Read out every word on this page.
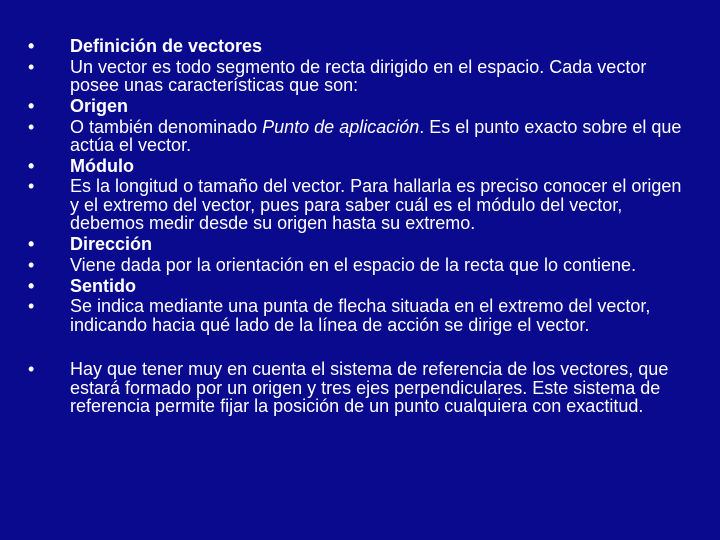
•	Definición de vectores
•	Un vector es todo segmento de recta dirigido en el espacio. Cada vector posee unas características que son:
•	Origen
•	O también denominado Punto de aplicación. Es el punto exacto sobre el que actúa el vector.
•	Módulo
•	Es la longitud o tamaño del vector. Para hallarla es preciso conocer el origen y el extremo del vector, pues para saber cuál es el módulo del vector, debemos medir desde su origen hasta su extremo.
•	Dirección
•	Viene dada por la orientación en el espacio de la recta que lo contiene.
•	Sentido
•	Se indica mediante una punta de flecha situada en el extremo del vector, indicando hacia qué lado de la línea de acción se dirige el vector.
•	Hay que tener muy en cuenta el sistema de referencia de los vectores, que estará formado por un origen y tres ejes perpendiculares. Este sistema de referencia permite fijar la posición de un punto cualquiera con exactitud.
